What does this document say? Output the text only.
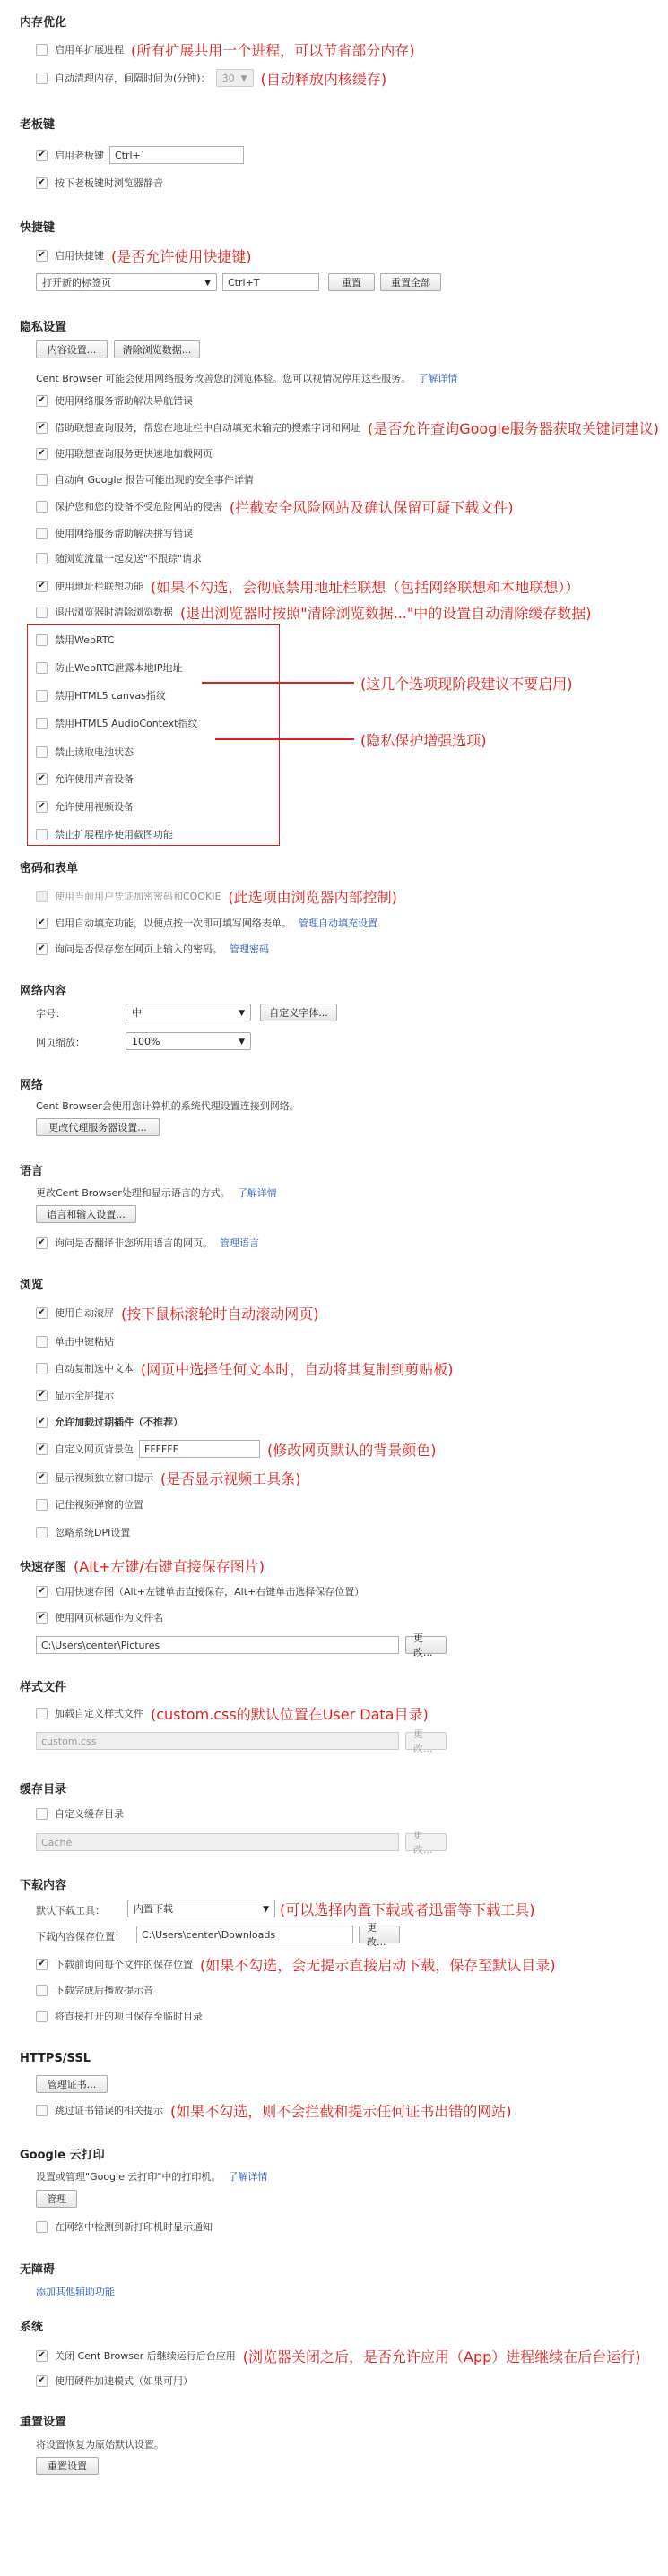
内存优化
启用单扩展进程 (所有扩展共用一个进程，可以节省部分内存)
自动清理内存，间隔时间为(分钟)： 30 ▼ (自动释放内核缓存)
老板键
✔
启用老板键	Ctrl+`
✔
按下老板键时浏览器静音
快捷键
✔
启用快捷键 (是否允许使用快捷键)
打开新的标签页	▼	Ctrl+T	重置	重置全部
隐私设置
内容设置...	清除浏览数据...
Cent Browser 可能会使用网络服务改善您的浏览体验。您可以视情况停用这些服务。 了解详情
✔
使用网络服务帮助解决导航错误
✔
借助联想查询服务，帮您在地址栏中自动填充未输完的搜索字词和网址 (是否允许查询Google服务器获取关键词建议)
✔
使用联想查询服务更快速地加载网页
自动向 Google 报告可能出现的安全事件详情
保护您和您的设备不受危险网站的侵害 (拦截安全风险网站及确认保留可疑下载文件)
使用网络服务帮助解决拼写错误
随浏览流量一起发送"不跟踪"请求
✔
使用地址栏联想功能 (如果不勾选，会彻底禁用地址栏联想（包括网络联想和本地联想））
退出浏览器时清除浏览数据 (退出浏览器时按照"清除浏览数据..."中的设置自动清除缓存数据)
禁用WebRTC
防止WebRTC泄露本地IP地址
禁用HTML5 canvas指纹
禁用HTML5 AudioContext指纹
禁止读取电池状态
✔
允许使用声音设备
✔
允许使用视频设备
禁止扩展程序使用截图功能
(这几个选项现阶段建议不要启用)
(隐私保护增强选项)
密码和表单
使用当前用户凭证加密密码和COOKIE (此选项由浏览器内部控制)
✔
启用自动填充功能，以便点按一次即可填写网络表单。 管理自动填充设置
✔
询问是否保存您在网页上输入的密码。 管理密码
网络内容
字号：	中	▼	自定义字体...
网页缩放：	100%	▼
网络
Cent Browser会使用您计算机的系统代理设置连接到网络。
更改代理服务器设置...
语言
更改Cent Browser处理和显示语言的方式。 了解详情
语言和输入设置...
✔
询问是否翻译非您所用语言的网页。 管理语言
浏览
✔
使用自动滚屏 (按下鼠标滚轮时自动滚动网页)
单击中键粘贴
自动复制选中文本 (网页中选择任何文本时，自动将其复制到剪贴板)
✔
显示全屏提示
✔
允许加载过期插件（不推荐）
✔
自定义网页背景色	FFFFFF	(修改网页默认的背景颜色)
✔
显示视频独立窗口提示 (是否显示视频工具条)
记住视频弹窗的位置
忽略系统DPI设置
快速存图 (Alt+左键/右键直接保存图片)
✔
启用快速存图（Alt+左键单击直接保存，Alt+右键单击选择保存位置）
✔
使用网页标题作为文件名
C:\Users\center\Pictures
更改...
样式文件
加载自定义样式文件 (custom.css的默认位置在User Data目录)
custom.css
更改...
缓存目录
自定义缓存目录
Cache
更改...
下载内容
默认下载工具：	内置下载	▼ (可以选择内置下载或者迅雷等下载工具)
下载内容保存位置：	C:\Users\center\Downloads
更改...
✔
下载前询问每个文件的保存位置 (如果不勾选，会无提示直接启动下载，保存至默认目录)
下载完成后播放提示音
将直接打开的项目保存至临时目录
HTTPS/SSL
管理证书...
跳过证书错误的相关提示 (如果不勾选，则不会拦截和提示任何证书出错的网站)
Google 云打印
设置或管理"Google 云打印"中的打印机。 了解详情
管理
在网络中检测到新打印机时显示通知
无障碍
添加其他辅助功能
系统
✔
关闭 Cent Browser 后继续运行后台应用 (浏览器关闭之后，是否允许应用（App）进程继续在后台运行)
✔
使用硬件加速模式（如果可用）
重置设置
将设置恢复为原始默认设置。
重置设置
